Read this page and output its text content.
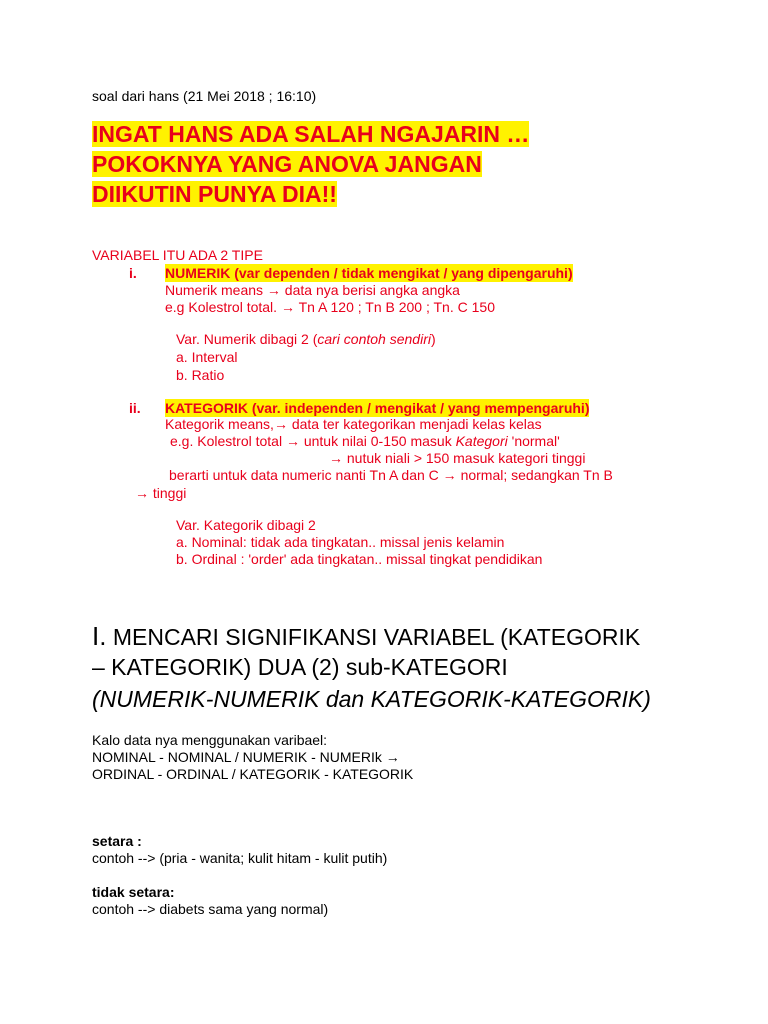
soal dari hans (21 Mei 2018 ; 16:10)
INGAT HANS ADA SALAH NGAJARIN …
POKOKNYA YANG ANOVA JANGAN
DIIKUTIN PUNYA DIA!!
VARIABEL ITU ADA 2 TIPE
i. NUMERIK (var dependen / tidak mengikat / yang dipengaruhi)
Numerik means → data nya berisi angka angka
e.g Kolestrol total. → Tn A 120 ; Tn B 200 ; Tn. C 150
Var. Numerik dibagi 2 (cari contoh sendiri)
a. Interval
b. Ratio
ii. KATEGORIK (var. independen / mengikat / yang mempengaruhi)
Kategorik means,→ data ter kategorikan menjadi kelas kelas
e.g. Kolestrol total → untuk nilai 0-150 masuk Kategori 'normal'
→ nutuk niali > 150 masuk kategori tinggi
berarti untuk data numeric nanti Tn A dan C → normal; sedangkan Tn B
→ tinggi
Var. Kategorik dibagi 2
a. Nominal: tidak ada tingkatan.. missal jenis kelamin
b. Ordinal : 'order' ada tingkatan.. missal tingkat pendidikan
I. MENCARI SIGNIFIKANSI VARIABEL (KATEGORIK
– KATEGORIK) DUA (2) sub-KATEGORI
(NUMERIK-NUMERIK dan KATEGORIK-KATEGORIK)
Kalo data nya menggunakan varibael:
NOMINAL - NOMINAL / NUMERIK - NUMERIk →
ORDINAL - ORDINAL / KATEGORIK - KATEGORIK
setara :
contoh --> (pria - wanita; kulit hitam - kulit putih)
tidak setara:
contoh --> diabets sama yang normal)
